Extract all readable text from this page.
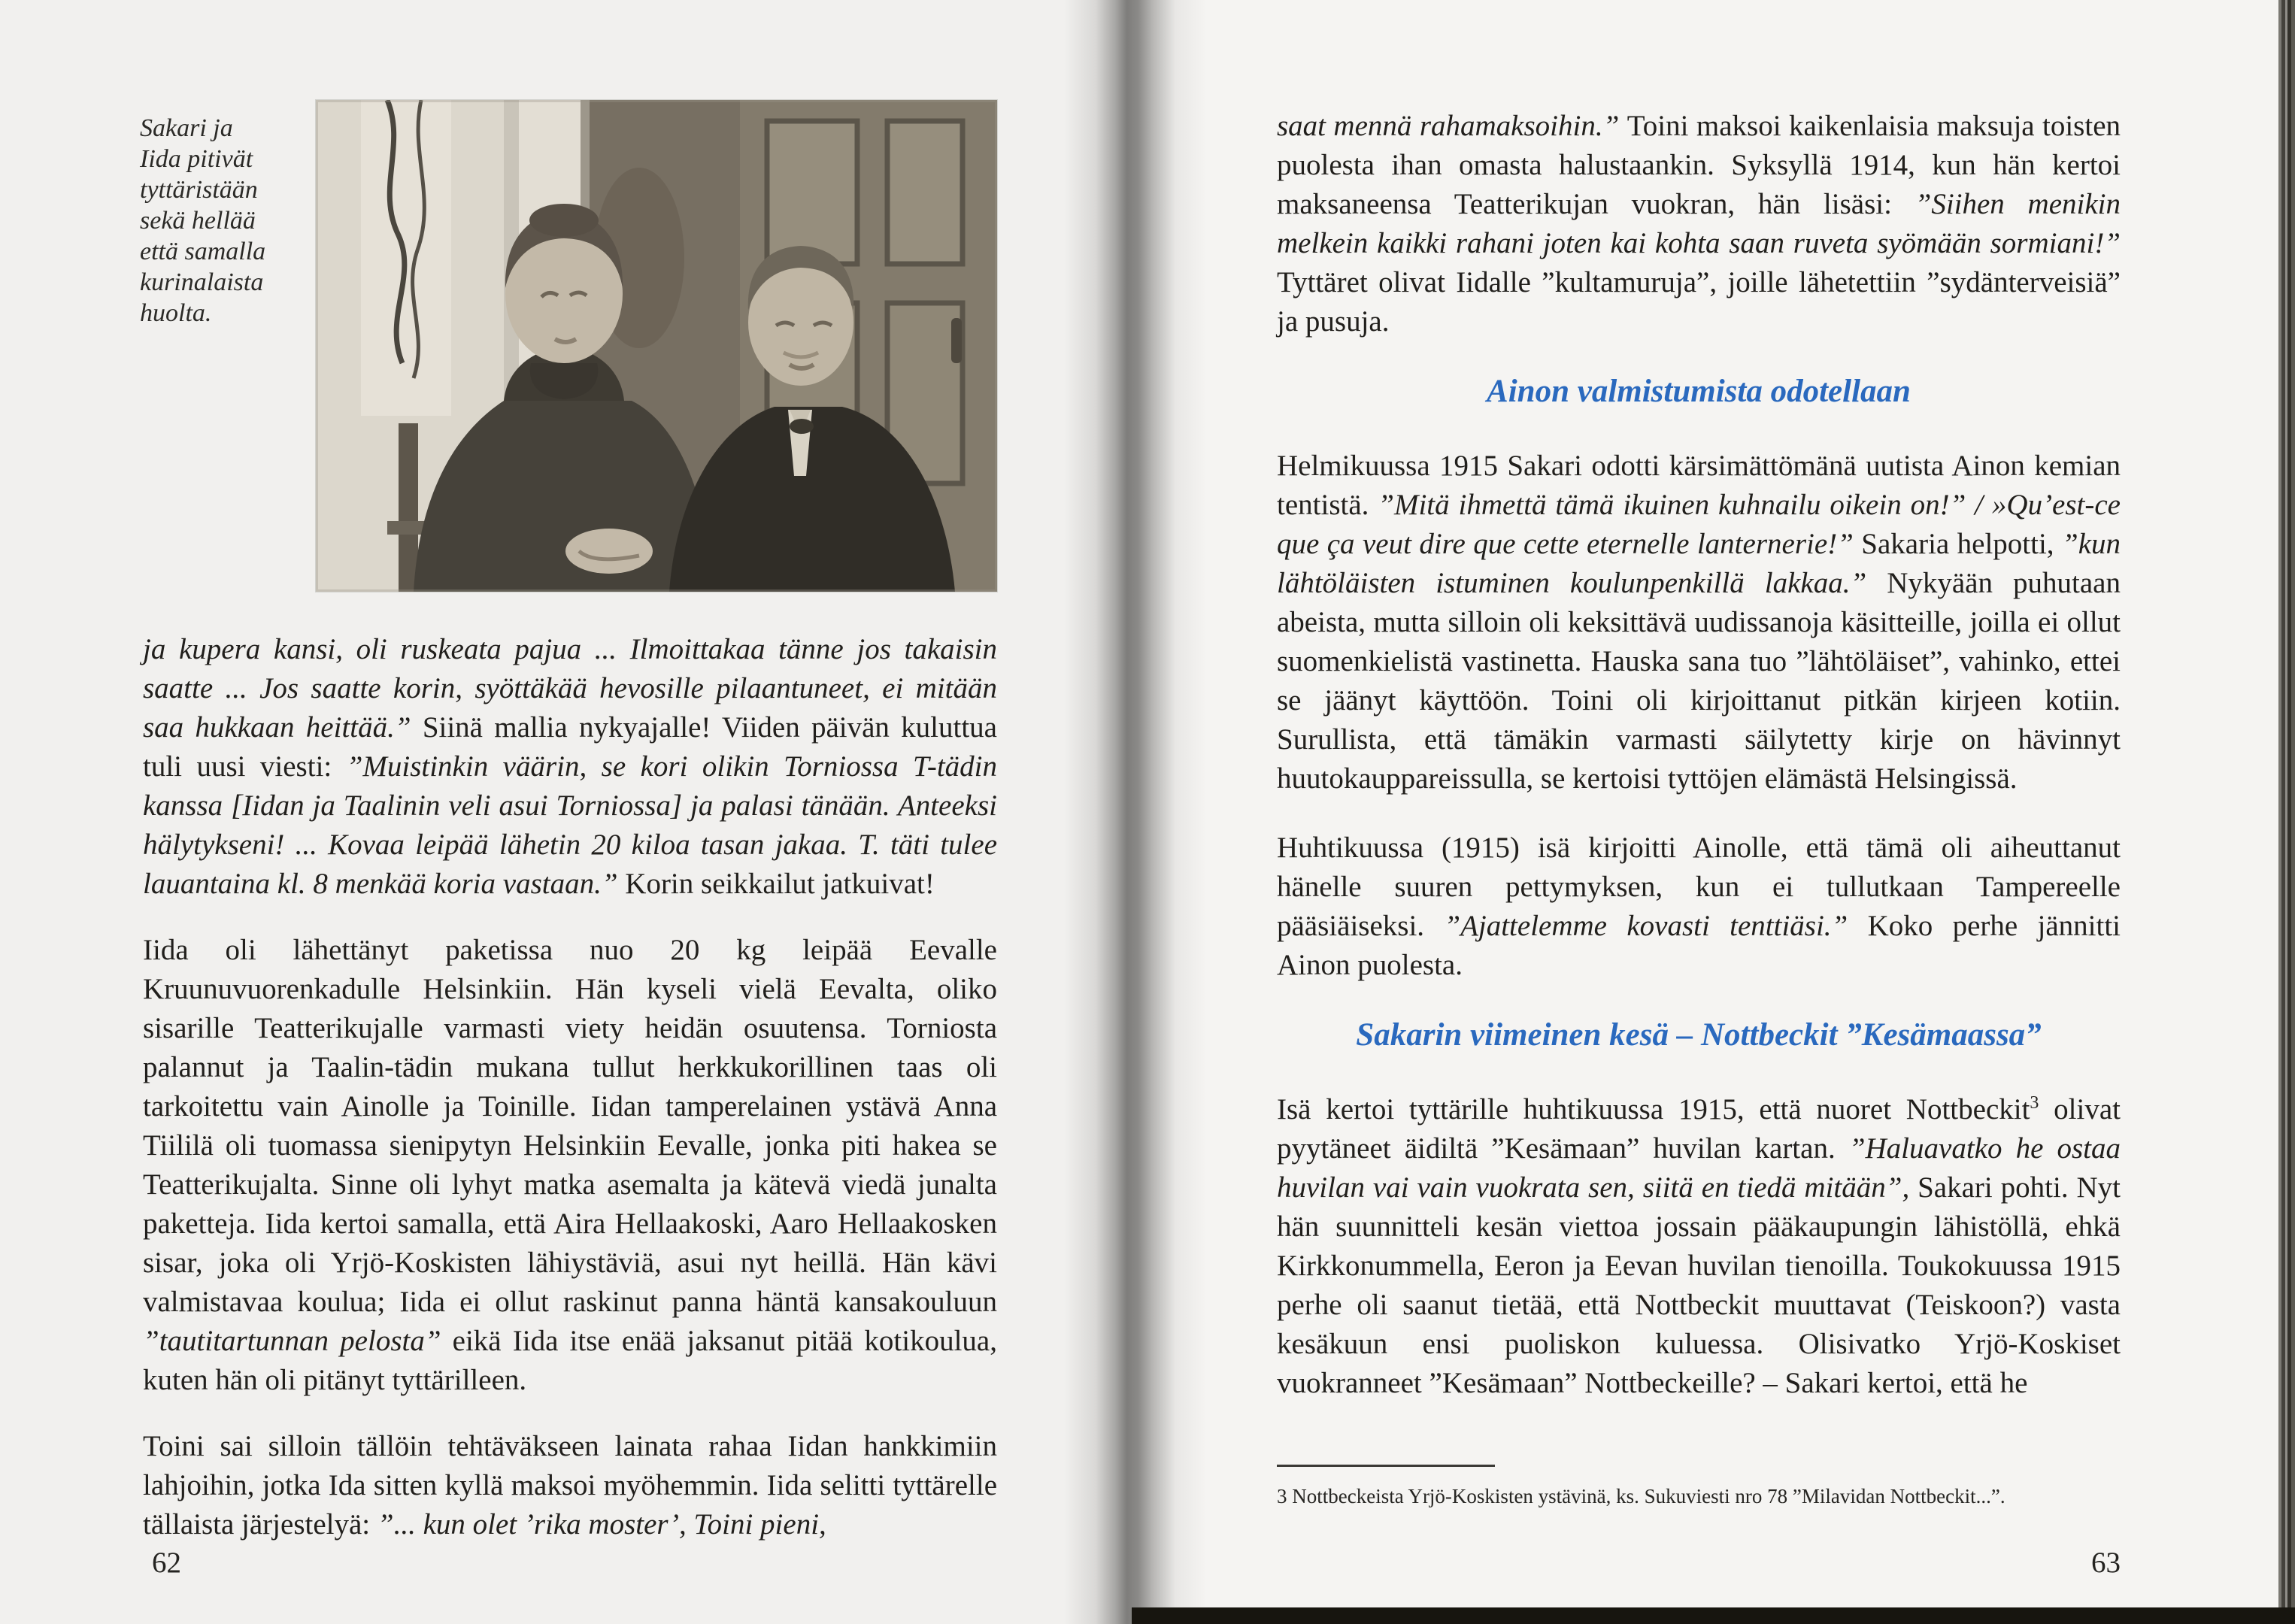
Sakari ja
Iida pitivät
tyttäristään
sekä hellää
että samalla
kurinalaista
huolta.

ja kupera kansi, oli ruskeata pajua ... Ilmoittakaa tänne jos takaisin saatte ... Jos saatte korin, syöttäkää hevosille pilaantuneet, ei mitään saa hukkaan heittää.” Siinä mallia nykyajalle! Viiden päivän kuluttua tuli uusi viesti: ”Muistinkin väärin, se kori olikin Torniossa T-tädin kanssa [Iidan ja Taalinin veli asui Torniossa] ja palasi tänään. Anteeksi hälytykseni! ... Kovaa leipää lähetin 20 kiloa tasan jakaa. T. täti tulee lauantaina kl. 8 menkää koria vastaan.” Korin seikkailut jatkuivat!

Iida oli lähettänyt paketissa nuo 20 kg leipää Eevalle Kruunuvuorenkadulle Helsinkiin. Hän kyseli vielä Eevalta, oliko sisarille Teatterikujalle varmasti viety heidän osuutensa. Torniosta palannut ja Taalin-tädin mukana tullut herkkukorillinen taas oli tarkoitettu vain Ainolle ja Toinille. Iidan tamperelainen ystävä Anna Tiililä oli tuomassa sienipytyn Helsinkiin Eevalle, jonka piti hakea se Teatterikujalta. Sinne oli lyhyt matka asemalta ja kätevä viedä junalta paketteja. Iida kertoi samalla, että Aira Hellaakoski, Aaro Hellaakosken sisar, joka oli Yrjö-Koskisten lähiystäviä, asui nyt heillä. Hän kävi valmistavaa koulua; Iida ei ollut raskinut panna häntä kansakouluun ”tautitartunnan pelosta” eikä Iida itse enää jaksanut pitää kotikoulua, kuten hän oli pitänyt tyttärilleen.

Toini sai silloin tällöin tehtäväkseen lainata rahaa Iidan hankkimiin lahjoihin, jotka Ida sitten kyllä maksoi myöhemmin. Iida selitti tyttärelle tällaista järjestelyä: ”... kun olet ’rika moster’, Toini pieni,

saat mennä rahamaksoihin.” Toini maksoi kaikenlaisia maksuja toisten puolesta ihan omasta halustaankin. Syksyllä 1914, kun hän kertoi maksaneensa Teatterikujan vuokran, hän lisäsi: ”Siihen menikin melkein kaikki rahani joten kai kohta saan ruveta syömään sormiani!” Tyttäret olivat Iidalle ”kultamuruja”, joille lähetettiin ”sydänterveisiä” ja pusuja.

Ainon valmistumista odotellaan

Helmikuussa 1915 Sakari odotti kärsimättömänä uutista Ainon kemian tentistä. ”Mitä ihmettä tämä ikuinen kuhnailu oikein on!” / »Qu’est-ce que ça veut dire que cette eternelle lanternerie!” Sakaria helpotti, ”kun lähtöläisten istuminen koulunpenkillä lakkaa.” Nykyään puhutaan abeista, mutta silloin oli keksittävä uudissanoja käsitteille, joilla ei ollut suomenkielistä vastinetta. Hauska sana tuo ”lähtöläiset”, vahinko, ettei se jäänyt käyttöön. Toini oli kirjoittanut pitkän kirjeen kotiin. Surullista, että tämäkin varmasti säilytetty kirje on hävinnyt huutokauppareissulla, se kertoisi tyttöjen elämästä Helsingissä.

Huhtikuussa (1915) isä kirjoitti Ainolle, että tämä oli aiheuttanut hänelle suuren pettymyksen, kun ei tullutkaan Tampereelle pääsiäiseksi. ”Ajattelemme kovasti tenttiäsi.” Koko perhe jännitti Ainon puolesta.

Sakarin viimeinen kesä – Nottbeckit ”Kesämaassa”

Isä kertoi tyttärille huhtikuussa 1915, että nuoret Nottbeckit$^3$ olivat pyytäneet äidiltä ”Kesämaan” huvilan kartan. ”Haluavatko he ostaa huvilan vai vain vuokrata sen, siitä en tiedä mitään”, Sakari pohti. Nyt hän suunnitteli kesän viettoa jossain pääkaupungin lähistöllä, ehkä Kirkkonummella, Eeron ja Eevan huvilan tienoilla. Toukokuussa 1915 perhe oli saanut tietää, että Nottbeckit muuttavat (Teiskoon?) vasta kesäkuun ensi puoliskon kuluessa. Olisivatko Yrjö-Koskiset vuokranneet ”Kesämaan” Nottbeckeille? – Sakari kertoi, että he

3 Nottbeckeista Yrjö-Koskisten ystävinä, ks. Sukuviesti nro 78 ”Milavidan Nottbeckit...”.
62	63
